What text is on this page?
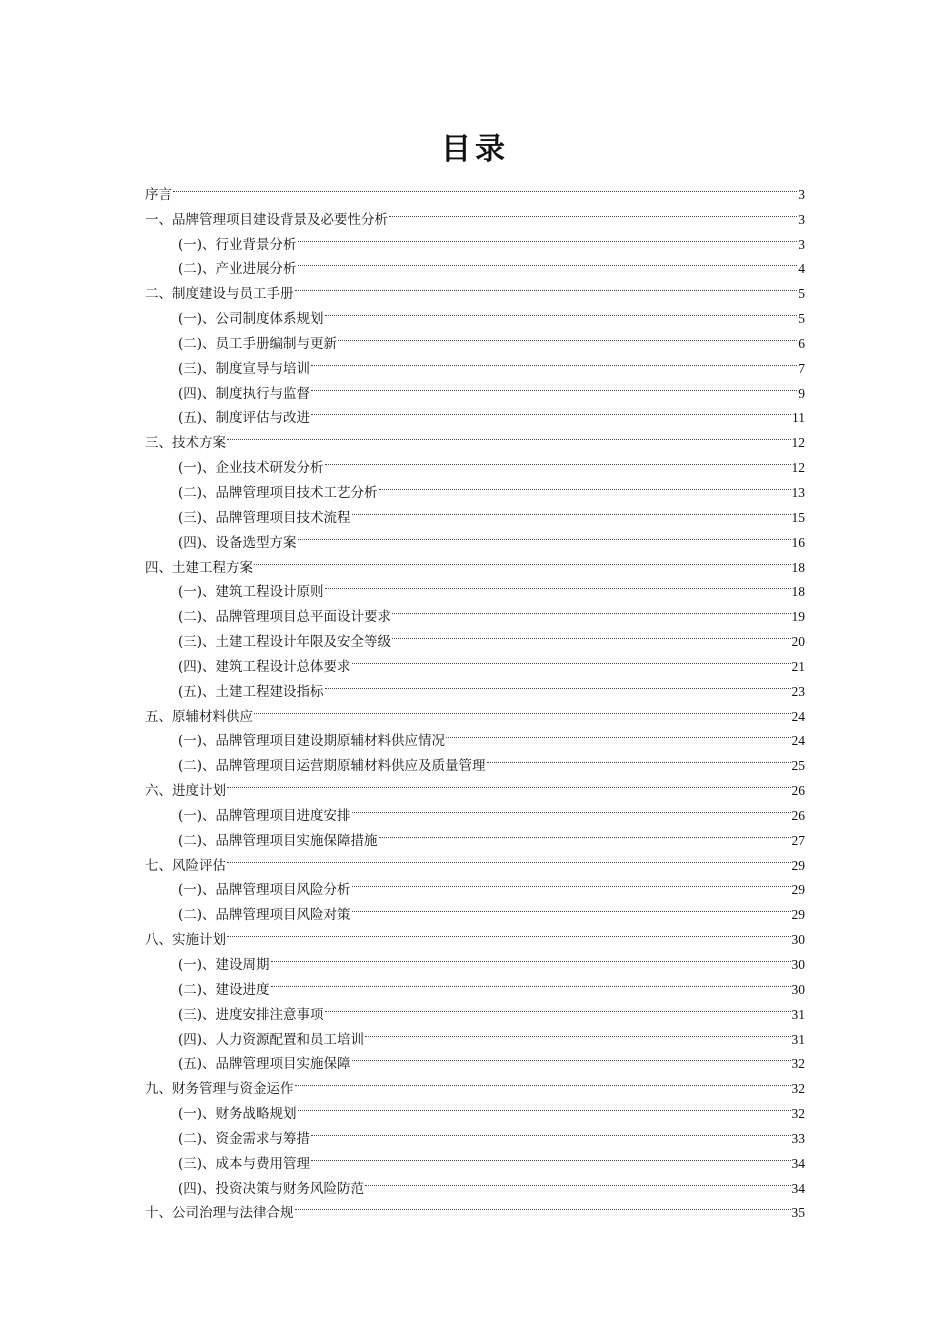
目录
序言	3
一、品牌管理项目建设背景及必要性分析	3
(一)、行业背景分析	3
(二)、产业进展分析	4
二、制度建设与员工手册	5
(一)、公司制度体系规划	5
(二)、员工手册编制与更新	6
(三)、制度宣导与培训	7
(四)、制度执行与监督	9
(五)、制度评估与改进	11
三、技术方案	12
(一)、企业技术研发分析	12
(二)、品牌管理项目技术工艺分析	13
(三)、品牌管理项目技术流程	15
(四)、设备选型方案	16
四、土建工程方案	18
(一)、建筑工程设计原则	18
(二)、品牌管理项目总平面设计要求	19
(三)、土建工程设计年限及安全等级	20
(四)、建筑工程设计总体要求	21
(五)、土建工程建设指标	23
五、原辅材料供应	24
(一)、品牌管理项目建设期原辅材料供应情况	24
(二)、品牌管理项目运营期原辅材料供应及质量管理	25
六、进度计划	26
(一)、品牌管理项目进度安排	26
(二)、品牌管理项目实施保障措施	27
七、风险评估	29
(一)、品牌管理项目风险分析	29
(二)、品牌管理项目风险对策	29
八、实施计划	30
(一)、建设周期	30
(二)、建设进度	30
(三)、进度安排注意事项	31
(四)、人力资源配置和员工培训	31
(五)、品牌管理项目实施保障	32
九、财务管理与资金运作	32
(一)、财务战略规划	32
(二)、资金需求与筹措	33
(三)、成本与费用管理	34
(四)、投资决策与财务风险防范	34
十、公司治理与法律合规	35
